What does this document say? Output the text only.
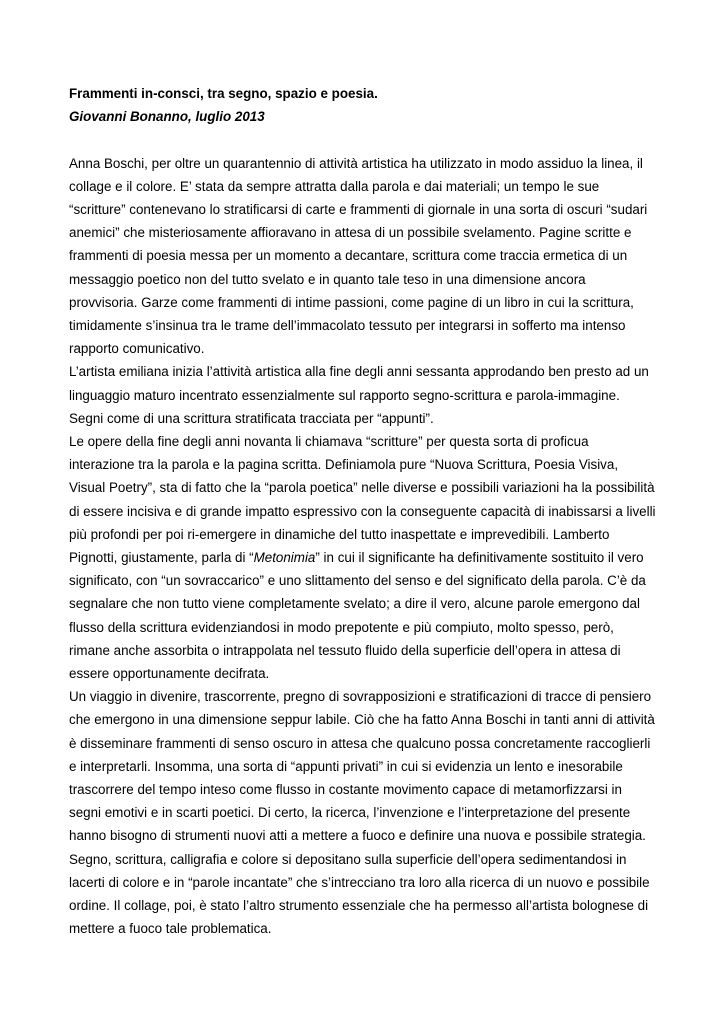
Frammenti in-consci, tra segno, spazio e poesia.

Giovanni Bonanno, luglio 2013

Anna Boschi, per oltre un quarantennio di attività artistica ha utilizzato in modo assiduo la linea, il
collage e il colore. E’ stata da sempre attratta dalla parola e dai materiali; un tempo le sue
“scritture” contenevano lo stratificarsi di carte e frammenti di giornale in una sorta di oscuri “sudari
anemici” che misteriosamente affioravano in attesa di un possibile svelamento. Pagine scritte e
frammenti di poesia messa per un momento a decantare, scrittura come traccia ermetica di un
messaggio poetico non del tutto svelato e in quanto tale teso in una dimensione ancora
provvisoria. Garze come frammenti di intime passioni, come pagine di un libro in cui la scrittura,
timidamente s’insinua tra le trame dell’immacolato tessuto per integrarsi in sofferto ma intenso
rapporto comunicativo.

L’artista emiliana inizia l’attività artistica alla fine degli anni sessanta approdando ben presto ad un
linguaggio maturo incentrato essenzialmente sul rapporto segno-scrittura e parola-immagine.
Segni come di una scrittura stratificata tracciata per “appunti”.

Le opere della fine degli anni novanta li chiamava “scritture” per questa sorta di proficua
interazione tra la parola e la pagina scritta. Definiamola pure “Nuova Scrittura, Poesia Visiva,
Visual Poetry”, sta di fatto che la “parola poetica” nelle diverse e possibili variazioni ha la possibilità
di essere incisiva e di grande impatto espressivo con la conseguente capacità di inabissarsi a livelli
più profondi per poi ri-emergere in dinamiche del tutto inaspettate e imprevedibili. Lamberto
Pignotti, giustamente, parla di “Metonimia” in cui il significante ha definitivamente sostituito il vero
significato, con “un sovraccarico” e uno slittamento del senso e del significato della parola. C’è da
segnalare che non tutto viene completamente svelato; a dire il vero, alcune parole emergono dal
flusso della scrittura evidenziandosi in modo prepotente e più compiuto, molto spesso, però,
rimane anche assorbita o intrappolata nel tessuto fluido della superficie dell’opera in attesa di
essere opportunamente decifrata.

Un viaggio in divenire, trascorrente, pregno di sovrapposizioni e stratificazioni di tracce di pensiero
che emergono in una dimensione seppur labile. Ciò che ha fatto Anna Boschi in tanti anni di attività
è disseminare frammenti di senso oscuro in attesa che qualcuno possa concretamente raccoglierli
e interpretarli. Insomma, una sorta di “appunti privati” in cui si evidenzia un lento e inesorabile
trascorrere del tempo inteso come flusso in costante movimento capace di metamorfizzarsi in
segni emotivi e in scarti poetici. Di certo, la ricerca, l’invenzione e l’interpretazione del presente
hanno bisogno di strumenti nuovi atti a mettere a fuoco e definire una nuova e possibile strategia.
Segno, scrittura, calligrafia e colore si depositano sulla superficie dell’opera sedimentandosi in
lacerti di colore e in “parole incantate” che s’intrecciano tra loro alla ricerca di un nuovo e possibile
ordine. Il collage, poi, è stato l’altro strumento essenziale che ha permesso all’artista bolognese di
mettere a fuoco tale problematica.
